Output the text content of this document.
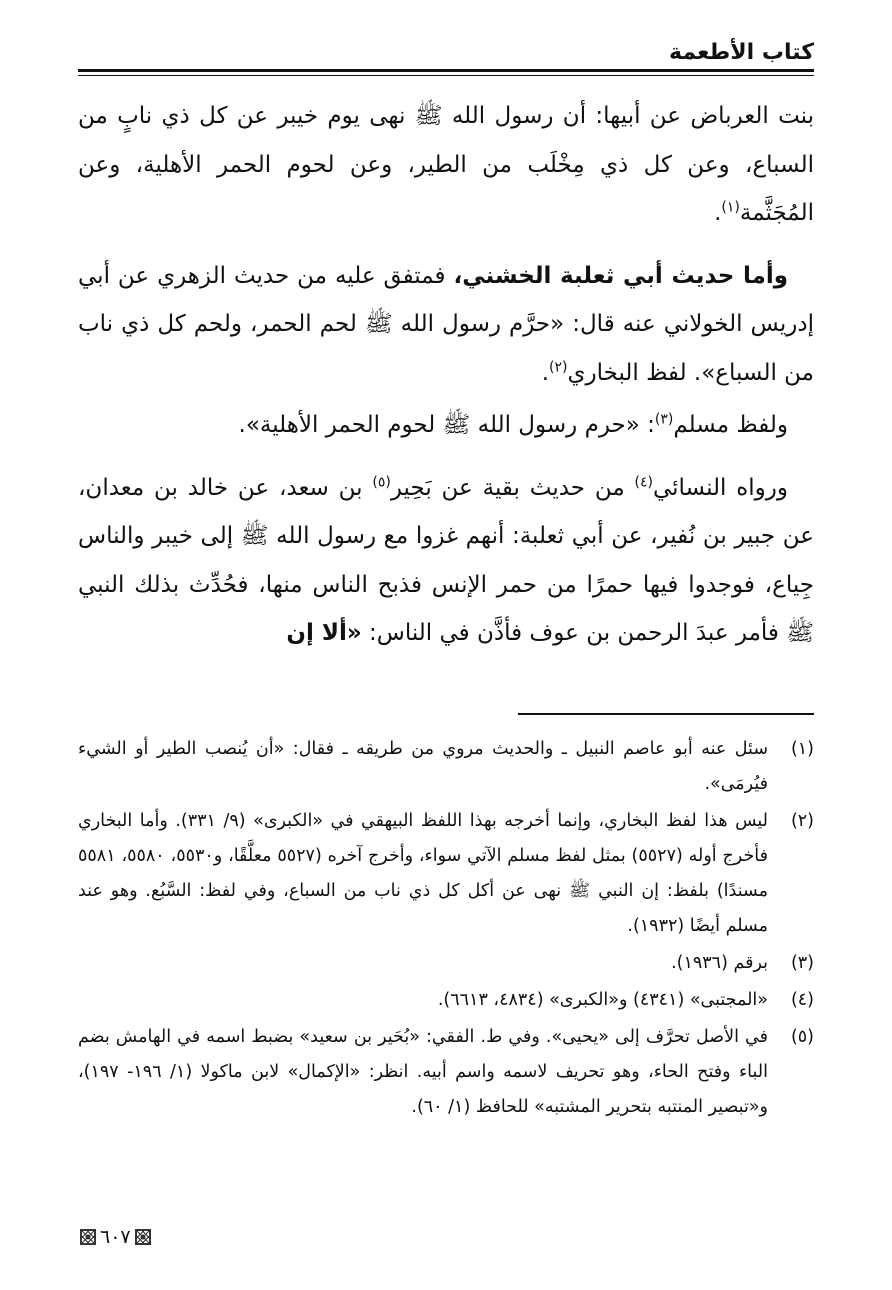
كتاب الأطعمة

بنت العرباض عن أبيها: أن رسول الله ﷺ نهى يوم خيبر عن كل ذي نابٍ من السباع، وعن كل ذي مِخْلَب من الطير، وعن لحوم الحمر الأهلية، وعن المُجَثَّمة$^{(١)}$.

وأما حديث أبي ثعلبة الخشني، فمتفق عليه من حديث الزهري عن أبي إدريس الخولاني عنه قال: «حرَّم رسول الله ﷺ لحم الحمر، ولحم كل ذي ناب من السباع». لفظ البخاري$^{(٢)}$.

ولفظ مسلم$^{(٣)}$: «حرم رسول الله ﷺ لحوم الحمر الأهلية».

ورواه النسائي$^{(٤)}$ من حديث بقية عن بَحِير$^{(٥)}$ بن سعد، عن خالد بن معدان، عن جبير بن نُفير، عن أبي ثعلبة: أنهم غزوا مع رسول الله ﷺ إلى خيبر والناس جِياع، فوجدوا فيها حمرًا من حمر الإنس فذبح الناس منها، فحُدِّث بذلك النبي ﷺ فأمر عبدَ الرحمن بن عوف فأذَّن في الناس: «ألا إن

(١)
سئل عنه أبو عاصم النبيل ـ والحديث مروي من طريقه ـ فقال: «أن يُنصب الطير أو الشيء فيُرمَى».
(٢)
ليس هذا لفظ البخاري، وإنما أخرجه بهذا اللفظ البيهقي في «الكبرى» (٩/ ٣٣١). وأما البخاري فأخرج أوله (٥٥٢٧) بمثل لفظ مسلم الآتي سواء، وأخرج آخره (٥٥٢٧ معلَّقًا، و٥٥٣٠، ٥٥٨٠، ٥٥٨١ مسندًا) بلفظ: إن النبي ﷺ نهى عن أكل كل ذي ناب من السباع، وفي لفظ: السَّبُع. وهو عند مسلم أيضًا (١٩٣٢).
(٣)
برقم (١٩٣٦).
(٤)
«المجتبى» (٤٣٤١) و«الكبرى» (٤٨٣٤، ٦٦١٣).
(٥)
في الأصل تحرَّف إلى «يحيى». وفي ط. الفقي: «بُحَير بن سعيد» بضبط اسمه في الهامش بضم الباء وفتح الحاء، وهو تحريف لاسمه واسم أبيه. انظر: «الإكمال» لابن ماكولا (١/ ١٩٦- ١٩٧)، و«تبصير المنتبه بتحرير المشتبه» للحافظ (١/ ٦٠).
٦٠٧
